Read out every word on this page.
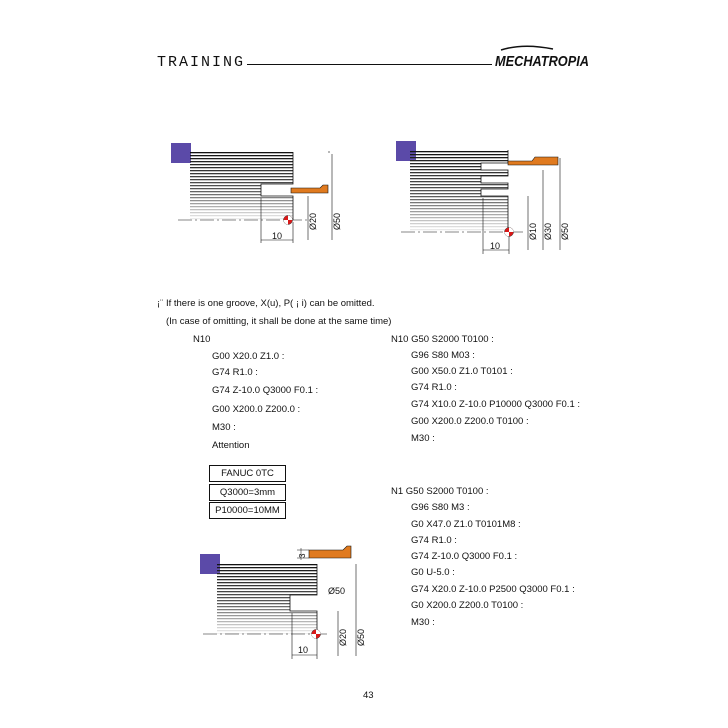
TRAINING	MECHATROPIA
10
Ø20 Ø50
10
Ø10 Ø30 Ø50
¡¨ If there is one groove, X(u), P( ¡ i) can be omitted.
(In case of omitting, it shall be done at the same time)
N10
G00 X20.0 Z1.0 :
G74 R1.0 :
G74 Z-10.0 Q3000 F0.1 :
G00 X200.0 Z200.0 :
M30 :
Attention
FANUC 0TC
Q3000=3mm
P10000=10MM
N10 G50 S2000 T0100 :
G96 S80 M03 :
G00 X50.0 Z1.0 T0101 :
G74 R1.0 :
G74 X10.0 Z-10.0 P10000 Q3000 F0.1 :
G00 X200.0 Z200.0 T0100 :
M30 :
N1 G50 S2000 T0100 :
G96 S80 M3 :
G0 X47.0 Z1.0 T0101M8 :
G74 R1.0 :
G74 Z-10.0 Q3000 F0.1 :
G0 U-5.0 :
G74 X20.0 Z-10.0 P2500 Q3000 F0.1 :
G0 X200.0 Z200.0 T0100 :
M30 :
3
Ø50
10
Ø20 Ø50
43
